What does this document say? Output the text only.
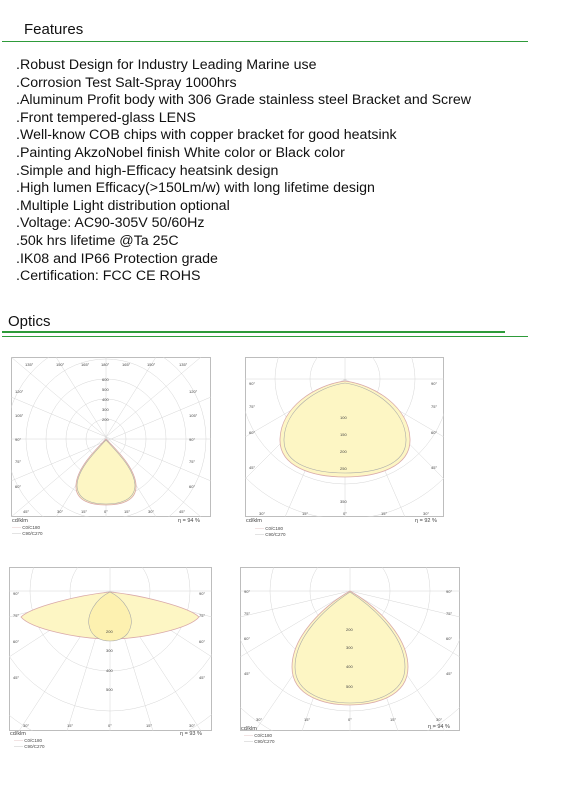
Features
.Robust Design for Industry Leading Marine use
.Corrosion Test Salt-Spray 1000hrs
.Aluminum Profit body with 306 Grade stainless steel Bracket and Screw
.Front tempered-glass LENS
.Well-know COB chips with copper bracket for good heatsink
.Painting AkzoNobel finish White color or Black color
.Simple and high-Efficacy heatsink design
.High lumen Efficacy(>150Lm/w) with long lifetime design
.Multiple Light distribution optional
.Voltage: AC90-305V 50/60Hz
.50k hrs lifetime @Ta 25C
.IK08 and IP66 Protection grade
.Certification: FCC CE ROHS
Optics
135°	150°	165°	180°	165°	150°	135°
120°
105°
90°
75°
60°
120°
105°
90°
75°
60°
45°	30°	15°	0°	15°	30°	45°
600
500
400
300
200
cd/klm	η = 94 %
—— C0/C180
—— C90/C270
90°
75°
60°
45°
90°
75°
60°
45°
30°	15°	0°	15°	30°
100
150
200
250
350
cd/klm	η = 92 %
—— C0/C180
—— C90/C270
90°
75°
60°
45°
90°
75°
60°
45°
30°	15°	0°	15°	30°
200
300
400
500
cd/klm	η = 93 %
—— C0/C180
—— C90/C270
90°
75°
60°
45°
90°
75°
60°
45°
30°	15°	0°	15°	30°
200
300
400
500
cd/klm	η = 94 %
—— C0/C180
—— C90/C270
